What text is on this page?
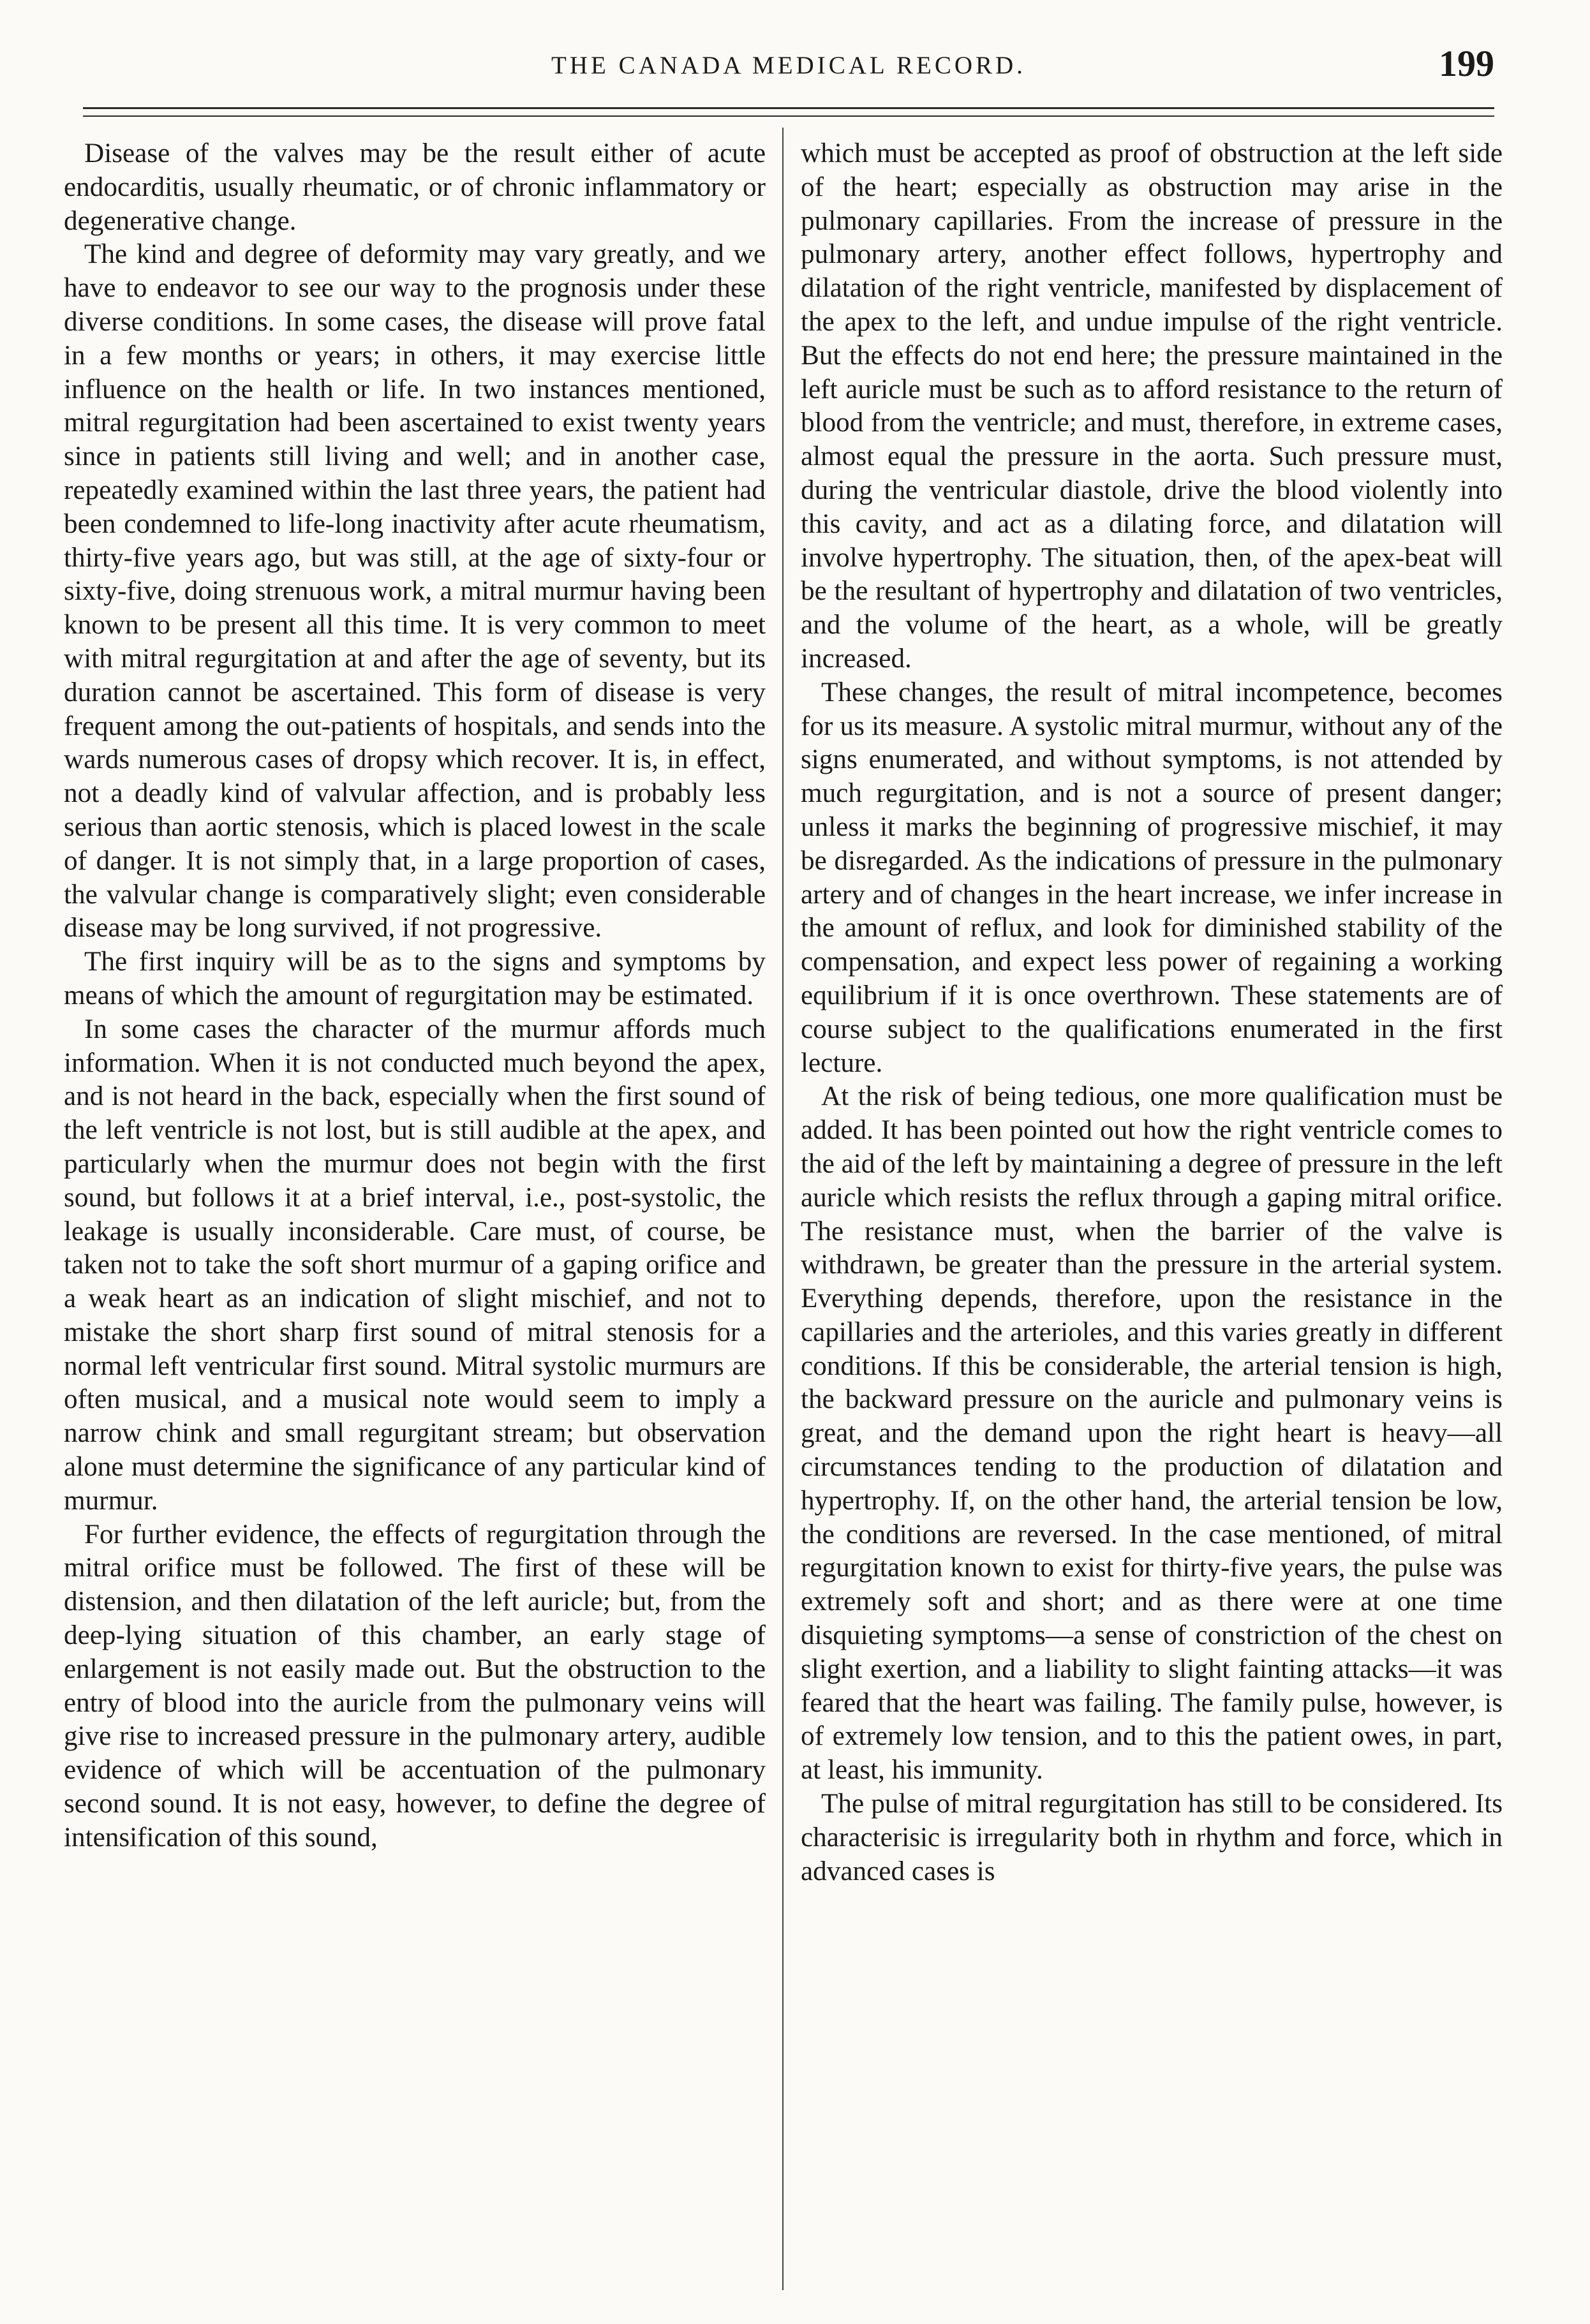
THE CANADA MEDICAL RECORD.	199

Disease of the valves may be the result either of acute endocarditis, usually rheumatic, or of chronic inflammatory or degenerative change.

The kind and degree of deformity may vary greatly, and we have to endeavor to see our way to the prognosis under these diverse conditions. In some cases, the disease will prove fatal in a few months or years; in others, it may exercise little influence on the health or life. In two instances mentioned, mitral regurgitation had been ascertained to exist twenty years since in patients still living and well; and in another case, repeatedly examined within the last three years, the patient had been condemned to life-long inactivity after acute rheumatism, thirty-five years ago, but was still, at the age of sixty-four or sixty-five, doing strenuous work, a mitral murmur having been known to be present all this time. It is very common to meet with mitral regurgitation at and after the age of seventy, but its duration cannot be ascertained. This form of disease is very frequent among the out-patients of hospitals, and sends into the wards numerous cases of dropsy which recover. It is, in effect, not a deadly kind of valvular affection, and is probably less serious than aortic stenosis, which is placed lowest in the scale of danger. It is not simply that, in a large proportion of cases, the valvular change is comparatively slight; even considerable disease may be long survived, if not progressive.

The first inquiry will be as to the signs and symptoms by means of which the amount of regurgitation may be estimated.

In some cases the character of the murmur affords much information. When it is not conducted much beyond the apex, and is not heard in the back, especially when the first sound of the left ventricle is not lost, but is still audible at the apex, and particularly when the murmur does not begin with the first sound, but follows it at a brief interval, i.e., post-systolic, the leakage is usually inconsiderable. Care must, of course, be taken not to take the soft short murmur of a gaping orifice and a weak heart as an indication of slight mischief, and not to mistake the short sharp first sound of mitral stenosis for a normal left ventricular first sound. Mitral systolic murmurs are often musical, and a musical note would seem to imply a narrow chink and small regurgitant stream; but observation alone must determine the significance of any particular kind of murmur.

For further evidence, the effects of regurgitation through the mitral orifice must be followed. The first of these will be distension, and then dilatation of the left auricle; but, from the deep-lying situation of this chamber, an early stage of enlargement is not easily made out. But the obstruction to the entry of blood into the auricle from the pulmonary veins will give rise to increased pressure in the pulmonary artery, audible evidence of which will be accentuation of the pulmonary second sound. It is not easy, however, to define the degree of intensification of this sound,

which must be accepted as proof of obstruction at the left side of the heart; especially as obstruction may arise in the pulmonary capillaries. From the increase of pressure in the pulmonary artery, another effect follows, hypertrophy and dilatation of the right ventricle, manifested by displacement of the apex to the left, and undue impulse of the right ventricle. But the effects do not end here; the pressure maintained in the left auricle must be such as to afford resistance to the return of blood from the ventricle; and must, therefore, in extreme cases, almost equal the pressure in the aorta. Such pressure must, during the ventricular diastole, drive the blood violently into this cavity, and act as a dilating force, and dilatation will involve hypertrophy. The situation, then, of the apex-beat will be the resultant of hypertrophy and dilatation of two ventricles, and the volume of the heart, as a whole, will be greatly increased.

These changes, the result of mitral incompetence, becomes for us its measure. A systolic mitral murmur, without any of the signs enumerated, and without symptoms, is not attended by much regurgitation, and is not a source of present danger; unless it marks the beginning of progressive mischief, it may be disregarded. As the indications of pressure in the pulmonary artery and of changes in the heart increase, we infer increase in the amount of reflux, and look for diminished stability of the compensation, and expect less power of regaining a working equilibrium if it is once overthrown. These statements are of course subject to the qualifications enumerated in the first lecture.

At the risk of being tedious, one more qualification must be added. It has been pointed out how the right ventricle comes to the aid of the left by maintaining a degree of pressure in the left auricle which resists the reflux through a gaping mitral orifice. The resistance must, when the barrier of the valve is withdrawn, be greater than the pressure in the arterial system. Everything depends, therefore, upon the resistance in the capillaries and the arterioles, and this varies greatly in different conditions. If this be considerable, the arterial tension is high, the backward pressure on the auricle and pulmonary veins is great, and the demand upon the right heart is heavy—all circumstances tending to the production of dilatation and hypertrophy. If, on the other hand, the arterial tension be low, the conditions are reversed. In the case mentioned, of mitral regurgitation known to exist for thirty-five years, the pulse was extremely soft and short; and as there were at one time disquieting symptoms—a sense of constriction of the chest on slight exertion, and a liability to slight fainting attacks—it was feared that the heart was failing. The family pulse, however, is of extremely low tension, and to this the patient owes, in part, at least, his immunity.

The pulse of mitral regurgitation has still to be considered. Its characterisic is irregularity both in rhythm and force, which in advanced cases is
